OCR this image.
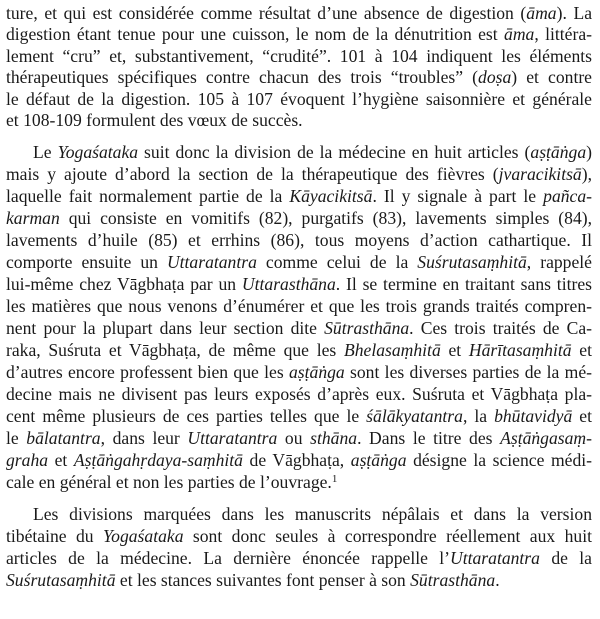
ture, et qui est considérée comme résultat d’une absence de digestion (āma). La
digestion étant tenue pour une cuisson, le nom de la dénutrition est āma, littéra-
lement “cru” et, substantivement, “crudité”. 101 à 104 indiquent les éléments
thérapeutiques spécifiques contre chacun des trois “troubles” (doṣa) et contre
le défaut de la digestion. 105 à 107 évoquent l’hygiène saisonnière et générale
et 108-109 formulent des vœux de succès.
Le Yogaśataka suit donc la division de la médecine en huit articles (aṣṭāṅga)
mais y ajoute d’abord la section de la thérapeutique des fièvres (jvaracikitsā),
laquelle fait normalement partie de la Kāyacikitsā. Il y signale à part le pañca-
karman qui consiste en vomitifs (82), purgatifs (83), lavements simples (84),
lavements d’huile (85) et errhins (86), tous moyens d’action cathartique. Il
comporte ensuite un Uttaratantra comme celui de la Suśrutasaṃhitā, rappelé
lui-même chez Vāgbhaṭa par un Uttarasthāna. Il se termine en traitant sans titres
les matières que nous venons d’énumérer et que les trois grands traités compren-
nent pour la plupart dans leur section dite Sūtrasthāna. Ces trois traités de Ca-
raka, Suśruta et Vāgbhaṭa, de même que les Bhelasaṃhitā et Hārītasaṃhitā et
d’autres encore professent bien que les aṣṭāṅga sont les diverses parties de la mé-
decine mais ne divisent pas leurs exposés d’après eux. Suśruta et Vāgbhaṭa pla-
cent même plusieurs de ces parties telles que le śālākyatantra, la bhūtavidyā et
le bālatantra, dans leur Uttaratantra ou sthāna. Dans le titre des Aṣṭāṅgasaṃ-
graha et Aṣṭāṅgahṛdaya-saṃhitā de Vāgbhaṭa, aṣṭāṅga désigne la science médi-
cale en général et non les parties de l’ouvrage.$^1$
Les divisions marquées dans les manuscrits népâlais et dans la version
tibétaine du Yogaśataka sont donc seules à correspondre réellement aux huit
articles de la médecine. La dernière énoncée rappelle l’Uttaratantra de la
Suśrutasaṃhitā et les stances suivantes font penser à son Sūtrasthāna.
